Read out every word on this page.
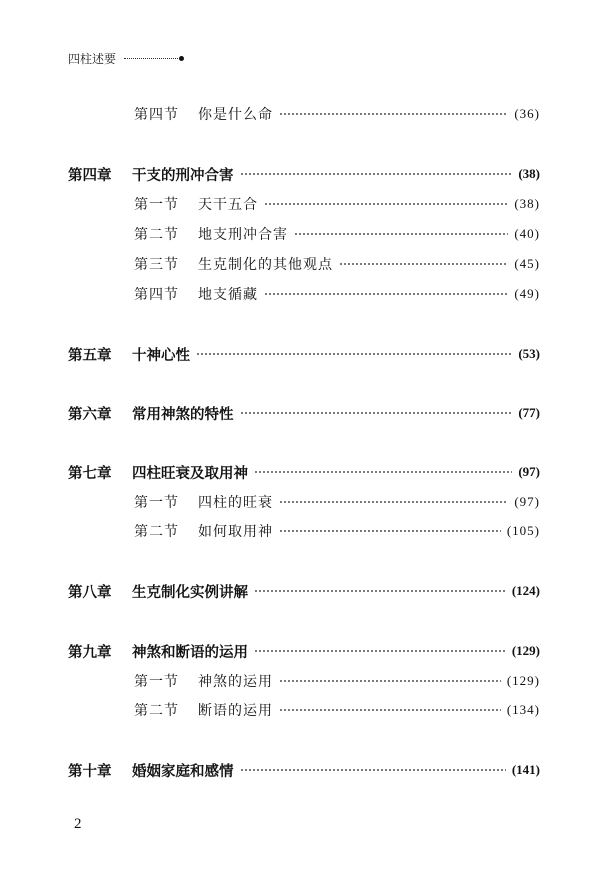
四柱述要
第四节	你是什么命	(36)
第四章	干支的刑冲合害	(38)
第一节	天干五合	(38)
第二节	地支刑冲合害	(40)
第三节	生克制化的其他观点	(45)
第四节	地支循藏	(49)
第五章	十神心性	(53)
第六章	常用神煞的特性	(77)
第七章	四柱旺衰及取用神	(97)
第一节	四柱的旺衰	(97)
第二节	如何取用神	(105)
第八章	生克制化实例讲解	(124)
第九章	神煞和断语的运用	(129)
第一节	神煞的运用	(129)
第二节	断语的运用	(134)
第十章	婚姻家庭和感情	(141)
2
